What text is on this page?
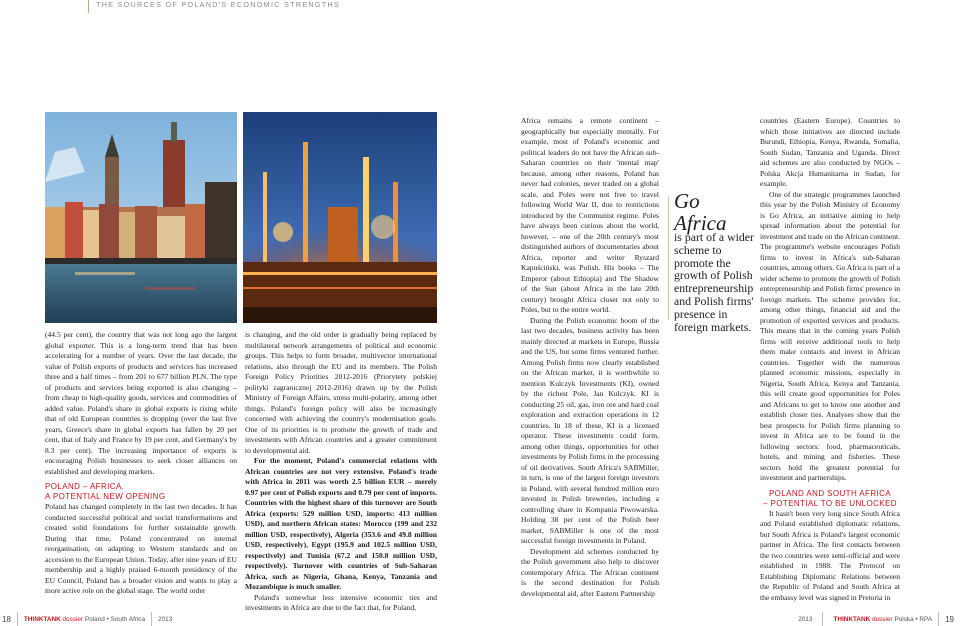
THE SOURCES OF POLAND'S ECONOMIC STRENGTHS

(44.5 per cent), the country that was not long ago the largest global exporter. This is a long-term trend that has been accelerating for a number of years. Over the last decade, the value of Polish exports of products and services has increased three and a half times – from 201 to 677 billion PLN. The type of products and services being exported is also changing – from cheap to high-quality goods, services and commodities of added value. Poland's share in global exports is rising while that of old European countries is dropping (over the last five years, Greece's share in global exports has fallen by 20 per cent, that of Italy and France by 19 per cent, and Germany's by 8.3 per cent). The increasing importance of exports is encouraging Polish businesses to seek closer alliances on established and developing markets.

POLAND – AFRICA.
A POTENTIAL NEW OPENING

Poland has changed completely in the last two decades. It has conducted successful political and social transformations and created solid foundations for further sustainable growth. During that time, Poland concentrated on internal reorganisation, on adapting to Western standards and on accession to the European Union. Today, after nine years of EU membership and a highly praised 6-month presidency of the EU Council, Poland has a broader vision and wants to play a more active role on the global stage. The world order

is changing, and the old order is gradually being replaced by multilateral network arrangements of political and economic groups. This helps to form broader, multivector international relations, also through the EU and its members. The Polish Foreign Policy Priorities 2012-2016 (Priorytety polskiej polityki zagranicznej 2012-2016) drawn up by the Polish Ministry of Foreign Affairs, stress multi-polarity, among other things. Poland's foreign policy will also be increasingly concerned with achieving the country's modernisation goals. One of its priorities is to promote the growth of trade and investments with African countries and a greater commitment to developmental aid.

For the moment, Poland's commercial relations with African countries are not very extensive. Poland's trade with Africa in 2011 was worth 2.5 billion EUR – merely 0.97 per cent of Polish exports and 0.79 per cent of imports. Countries with the highest share of this turnover are South Africa (exports: 529 million USD, imports: 413 million USD), and northern African states: Morocco (199 and 232 million USD, respectively), Algeria (353.6 and 49.8 million USD, respectively), Egypt (195.9 and 102.5 million USD, respectively) and Tunisia (67.2 and 150.8 million USD, respectively). Turnover with countries of Sub-Saharan Africa, such as Nigeria, Ghana, Kenya, Tanzania and Mozambique is much smaller.

Poland's somewhat less intensive economic ties and investments in Africa are due to the fact that, for Poland,

Africa remains a remote continent – geographically but especially mentally. For example, most of Poland's economic and political leaders do not have the African sub-Saharan countries on their 'mental map' because, among other reasons, Poland has never had colonies, never traded on a global scale, and Poles were not free to travel following World War II, due to restrictions introduced by the Communist regime. Poles have always been curious about the world, however, – one of the 20th century's most distinguished authors of documentaries about Africa, reporter and writer Ryszard Kapuściński, was Polish. His books – The Emperor (about Ethiopia) and The Shadow of the Sun (about Africa in the late 20th century) brought Africa closer not only to Poles, but to the entire world.

During the Polish economic boom of the last two decades, business activity has been mainly directed at markets in Europe, Russia and the US, but some firms ventured further. Among Polish firms now clearly established on the African market, it is worthwhile to mention Kulczyk Investments (KI), owned by the richest Pole, Jan Kulczyk. KI is conducting 25 oil, gas, iron ore and hard coal exploration and extraction operations in 12 countries. In 18 of these, KI is a licensed operator. These investments could form, among other things, opportunities for other investments by Polish firms in the processing of oil derivatives. South Africa's SABMiller, in turn, is one of the largest foreign investors in Poland, with several hundred million euro invested in Polish breweries, including a controlling share in Kompania Piwowarska. Holding 38 per cent of the Polish beer market, SABMiller is one of the most successful foreign investments in Poland.

Development aid schemes conducted by the Polish government also help to discover contemporary Africa. The African continent is the second destination for Polish developmental aid, after Eastern Partnership

Go
Africa
is part of a wider scheme to promote the growth of Polish entrepreneurship and Polish firms' presence in foreign markets.

countries (Eastern Europe). Countries to which those initiatives are directed include Burundi, Ethiopia, Kenya, Rwanda, Somalia, South Sudan, Tanzania and Uganda. Direct aid schemes are also conducted by NGOs – Polska Akcja Humanitarna in Sudan, for example.

One of the strategic programmes launched this year by the Polish Ministry of Economy is Go Africa, an initiative aiming to help spread information about the potential for investment and trade on the African continent. The programme's website encourages Polish firms to invest in Africa's sub-Saharan countries, among others. Go Africa is part of a wider scheme to promote the growth of Polish entrepreneurship and Polish firms' presence in foreign markets. The scheme provides for, among other things, financial aid and the promotion of exported services and products. This means that in the coming years Polish firms will receive additional tools to help them make contacts and invest in African countries. Together with the numerous planned economic missions, especially in Nigeria, South Africa, Kenya and Tanzania, this will create good opportunities for Poles and Africans to get to know one another and establish closer ties. Analyses show that the best prospects for Polish firms planning to invest in Africa are to be found in the following sectors: food, pharmaceuticals, hotels, and mining and fisheries. These sectors hold the greatest potential for investment and partnerships.

POLAND AND SOUTH AFRICA
– POTENTIAL TO BE UNLOCKED

It hasn't been very long since South Africa and Poland established diplomatic relations, but South Africa is Poland's largest economic partner in Africa. The first contacts between the two countries were semi-official and were established in 1988. The Protocol on Establishing Diplomatic Relations between the Republic of Poland and South Africa at the embassy level was signed in Pretoria in

18 THINKTANK
dossier
Poland • South Africa 2013	2013	THINKTANK
dossier
Polska • RPA 19
